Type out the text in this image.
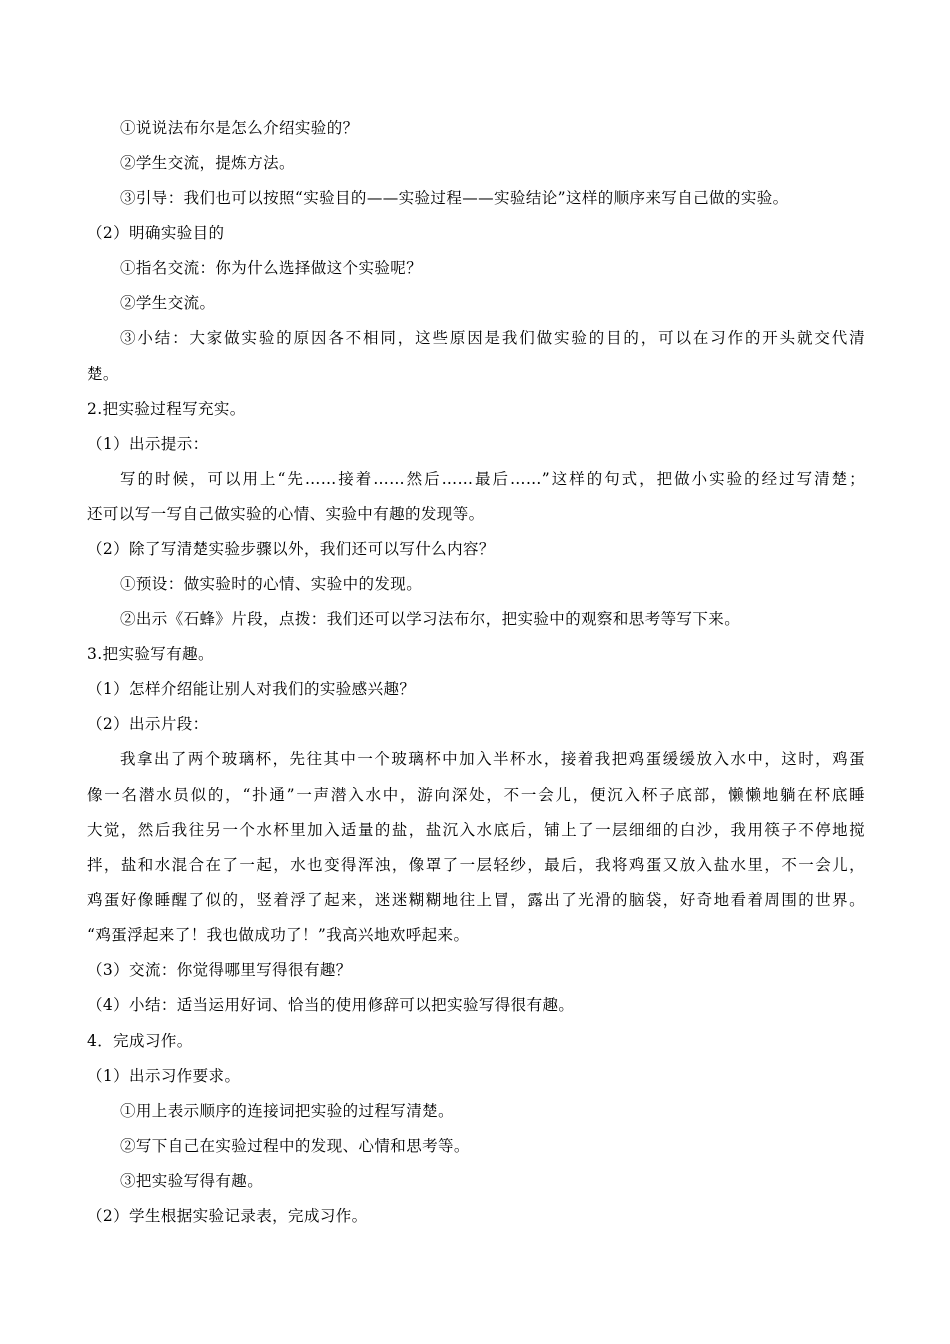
①说说法布尔是怎么介绍实验的？
②学生交流，提炼方法。
③引导：我们也可以按照“实验目的——实验过程——实验结论”这样的顺序来写自己做的实验。
（2）明确实验目的
①指名交流：你为什么选择做这个实验呢？
②学生交流。
③小结：大家做实验的原因各不相同，这些原因是我们做实验的目的，可以在习作的开头就交代清
楚。
2.把实验过程写充实。
（1）出示提示：
写的时候，可以用上“先……接着……然后……最后……”这样的句式，把做小实验的经过写清楚；
还可以写一写自己做实验的心情、实验中有趣的发现等。
（2）除了写清楚实验步骤以外，我们还可以写什么内容？
①预设：做实验时的心情、实验中的发现。
②出示《石蜂》片段，点拨：我们还可以学习法布尔，把实验中的观察和思考等写下来。
3.把实验写有趣。
（1）怎样介绍能让别人对我们的实验感兴趣？
（2）出示片段：
我拿出了两个玻璃杯，先往其中一个玻璃杯中加入半杯水，接着我把鸡蛋缓缓放入水中，这时，鸡蛋
像一名潜水员似的，“扑通”一声潜入水中，游向深处，不一会儿，便沉入杯子底部，懒懒地躺在杯底睡
大觉，然后我往另一个水杯里加入适量的盐，盐沉入水底后，铺上了一层细细的白沙，我用筷子不停地搅
拌，盐和水混合在了一起，水也变得浑浊，像罩了一层轻纱，最后，我将鸡蛋又放入盐水里，不一会儿，
鸡蛋好像睡醒了似的，竖着浮了起来，迷迷糊糊地往上冒，露出了光滑的脑袋，好奇地看着周围的世界。
“鸡蛋浮起来了！我也做成功了！”我高兴地欢呼起来。
（3）交流：你觉得哪里写得很有趣？
（4）小结：适当运用好词、恰当的使用修辞可以把实验写得很有趣。
4．完成习作。
（1）出示习作要求。
①用上表示顺序的连接词把实验的过程写清楚。
②写下自己在实验过程中的发现、心情和思考等。
③把实验写得有趣。
（2）学生根据实验记录表，完成习作。
